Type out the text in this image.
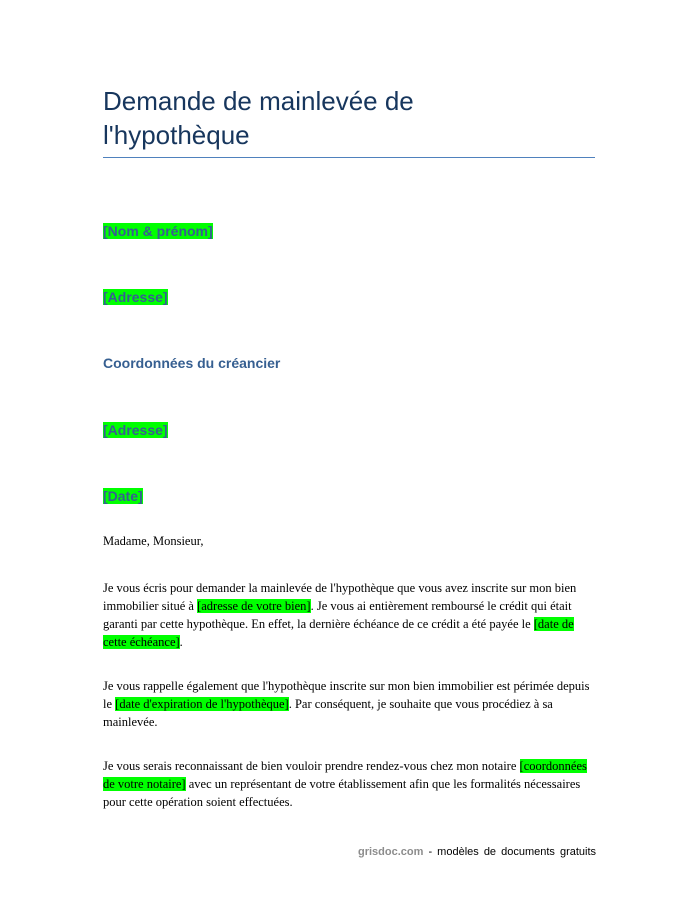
Demande de mainlevée de
l'hypothèque
[Nom & prénom]
[Adresse]
Coordonnées du créancier
[Adresse]
[Date]

Madame, Monsieur,

Je vous écris pour demander la mainlevée de l'hypothèque que vous avez inscrite sur mon bien immobilier situé à [adresse de votre bien]. Je vous ai entièrement remboursé le crédit qui était garanti par cette hypothèque. En effet, la dernière échéance de ce crédit a été payée le [date de cette échéance].

Je vous rappelle également que l'hypothèque inscrite sur mon bien immobilier est périmée depuis le [date d'expiration de l'hypothèque]. Par conséquent, je souhaite que vous procédiez à sa mainlevée.

Je vous serais reconnaissant de bien vouloir prendre rendez-vous chez mon notaire [coordonnées de votre notaire] avec un représentant de votre établissement afin que les formalités nécessaires pour cette opération soient effectuées.

grisdoc.com - modèles de documents gratuits
